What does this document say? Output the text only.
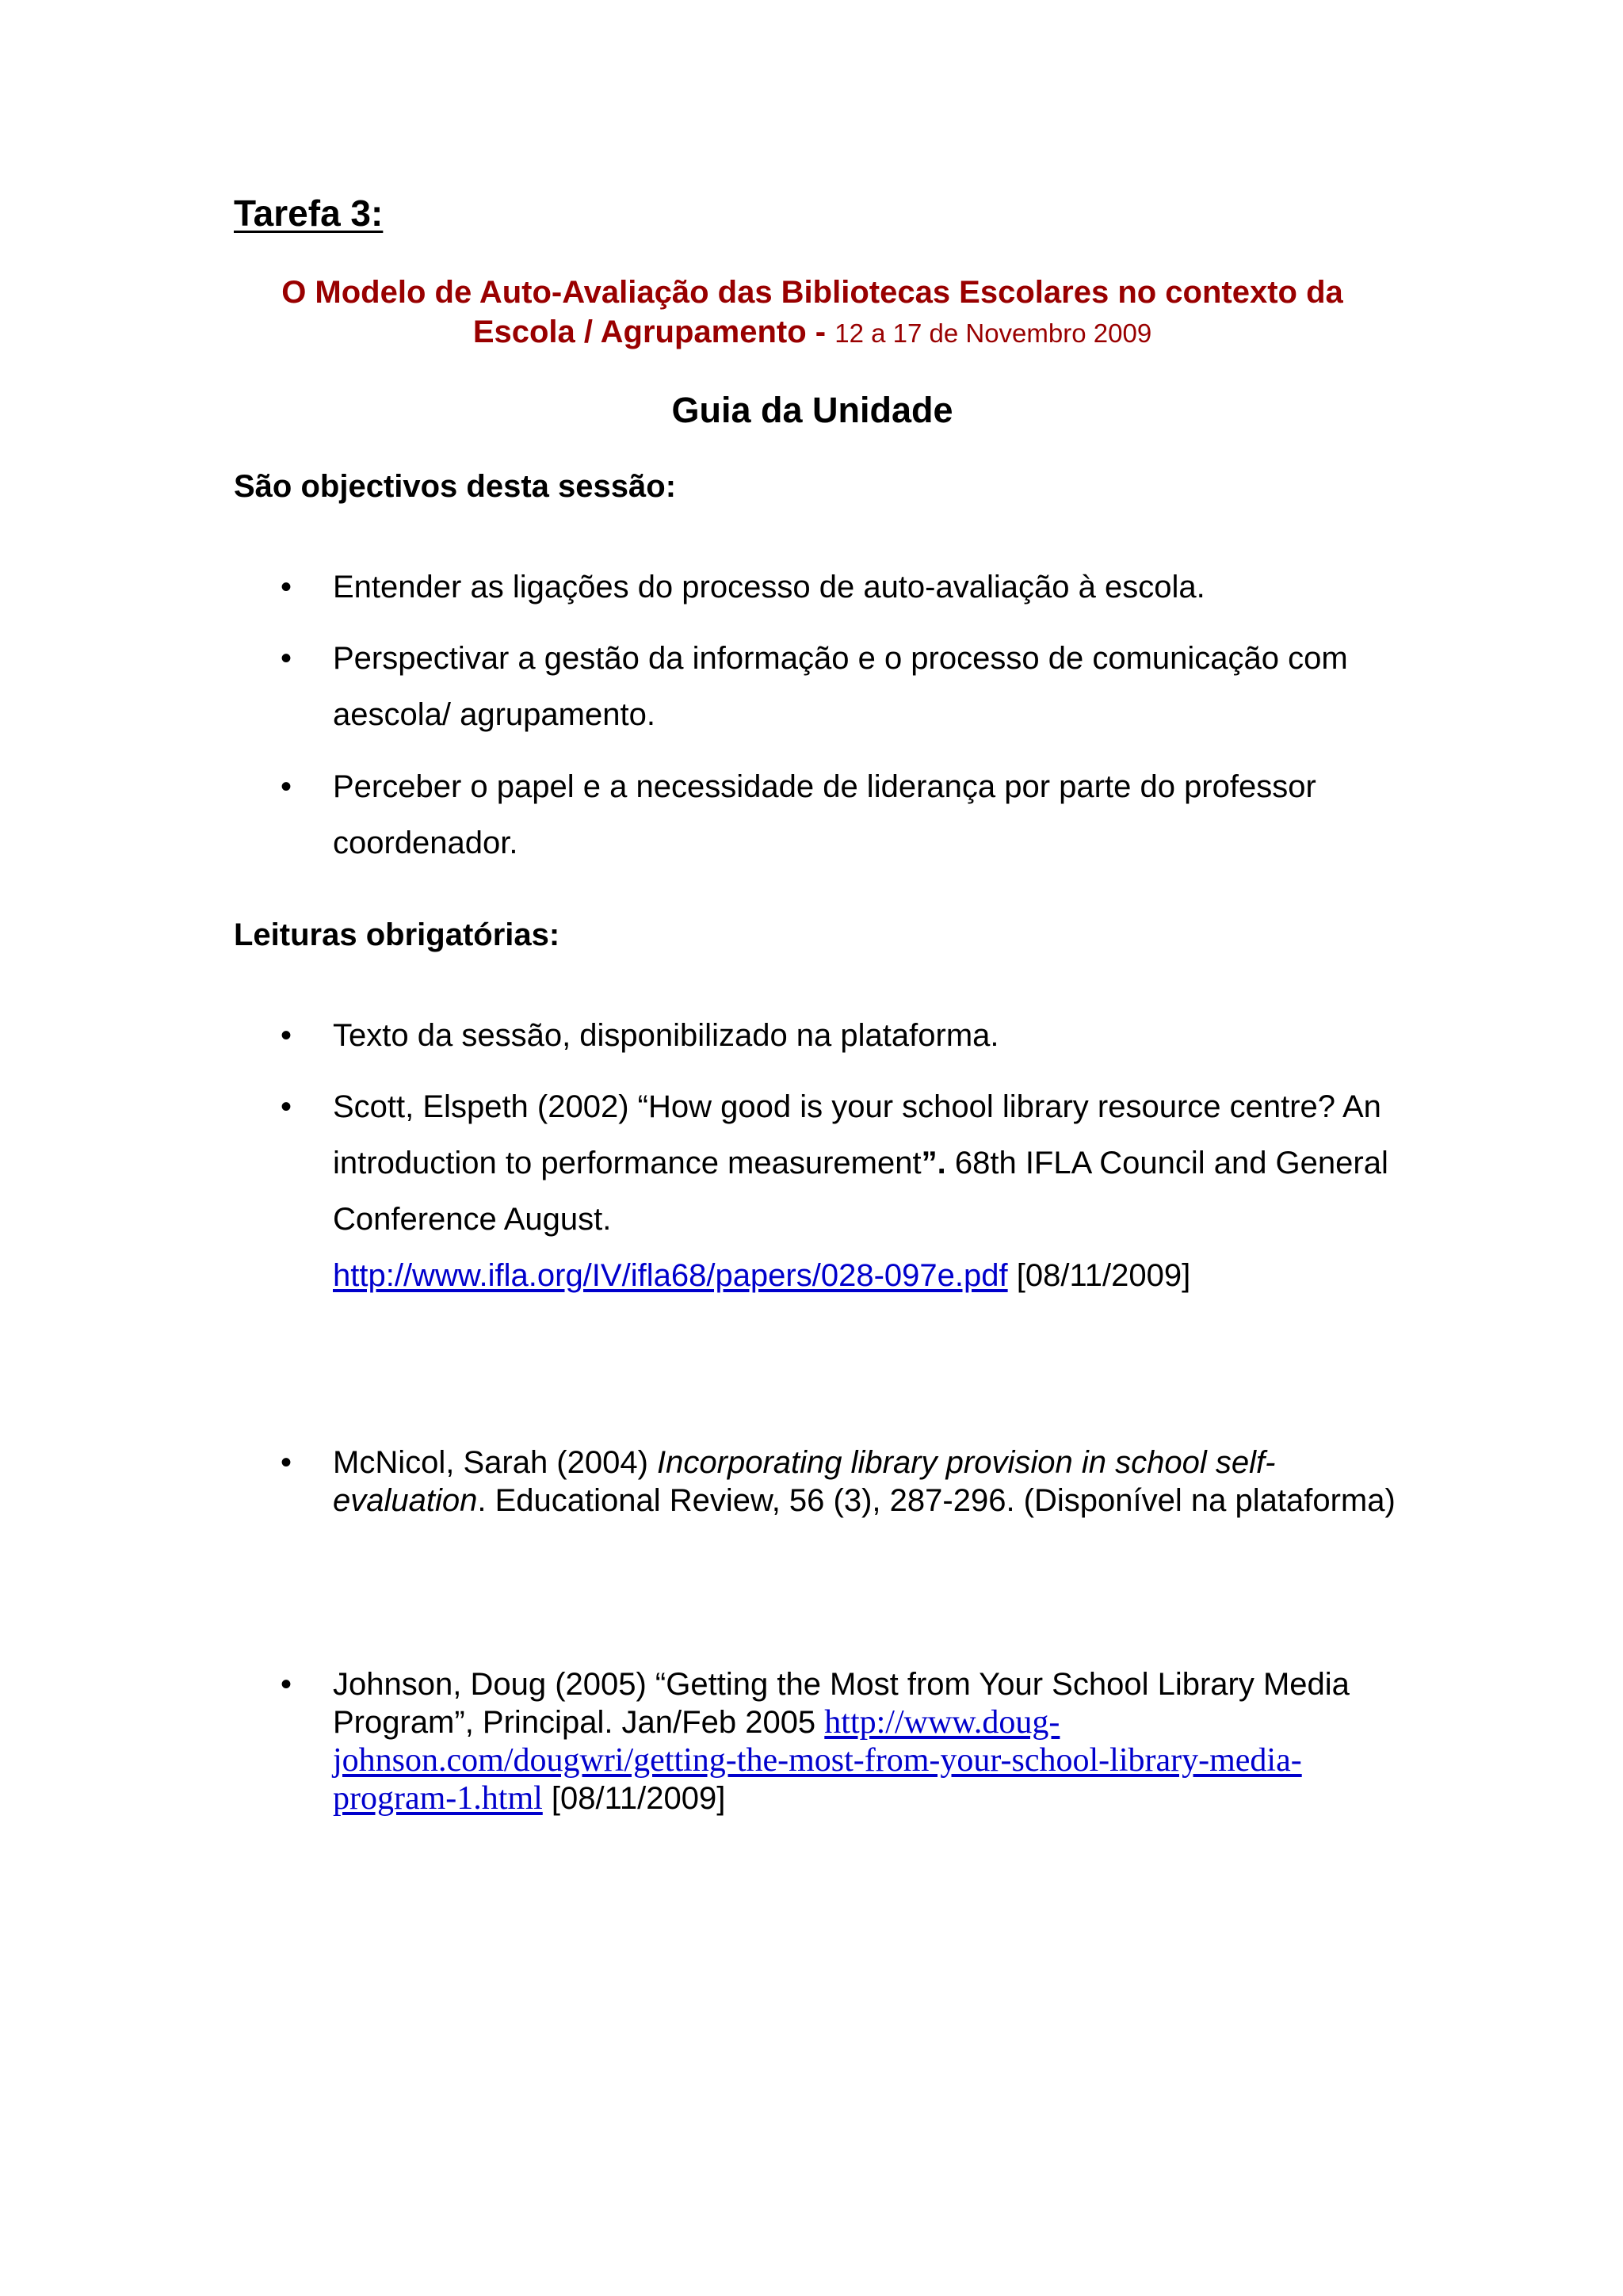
Tarefa 3:
O Modelo de Auto-Avaliação das Bibliotecas Escolares no contexto da Escola / Agrupamento - 12 a 17 de Novembro 2009
Guia da Unidade
São objectivos desta sessão:
• Entender as ligações do processo de auto-avaliação à escola.
• Perspectivar a gestão da informação e o processo de comunicação com aescola/ agrupamento.
• Perceber o papel e a necessidade de liderança por parte do professor coordenador.
Leituras obrigatórias:
• Texto da sessão, disponibilizado na plataforma.
• Scott, Elspeth (2002) “How good is your school library resource centre? An introduction to performance measurement”. 68th IFLA Council and General Conference August.
http://www.ifla.org/IV/ifla68/papers/028-097e.pdf [08/11/2009]
• McNicol, Sarah (2004) Incorporating library provision in school self-evaluation. Educational Review, 56 (3), 287-296. (Disponível na plataforma)
• Johnson, Doug (2005) “Getting the Most from Your School Library Media Program”, Principal. Jan/Feb 2005 http://www.doug-johnson.com/dougwri/getting-the-most-from-your-school-library-media-program-1.html [08/11/2009]
